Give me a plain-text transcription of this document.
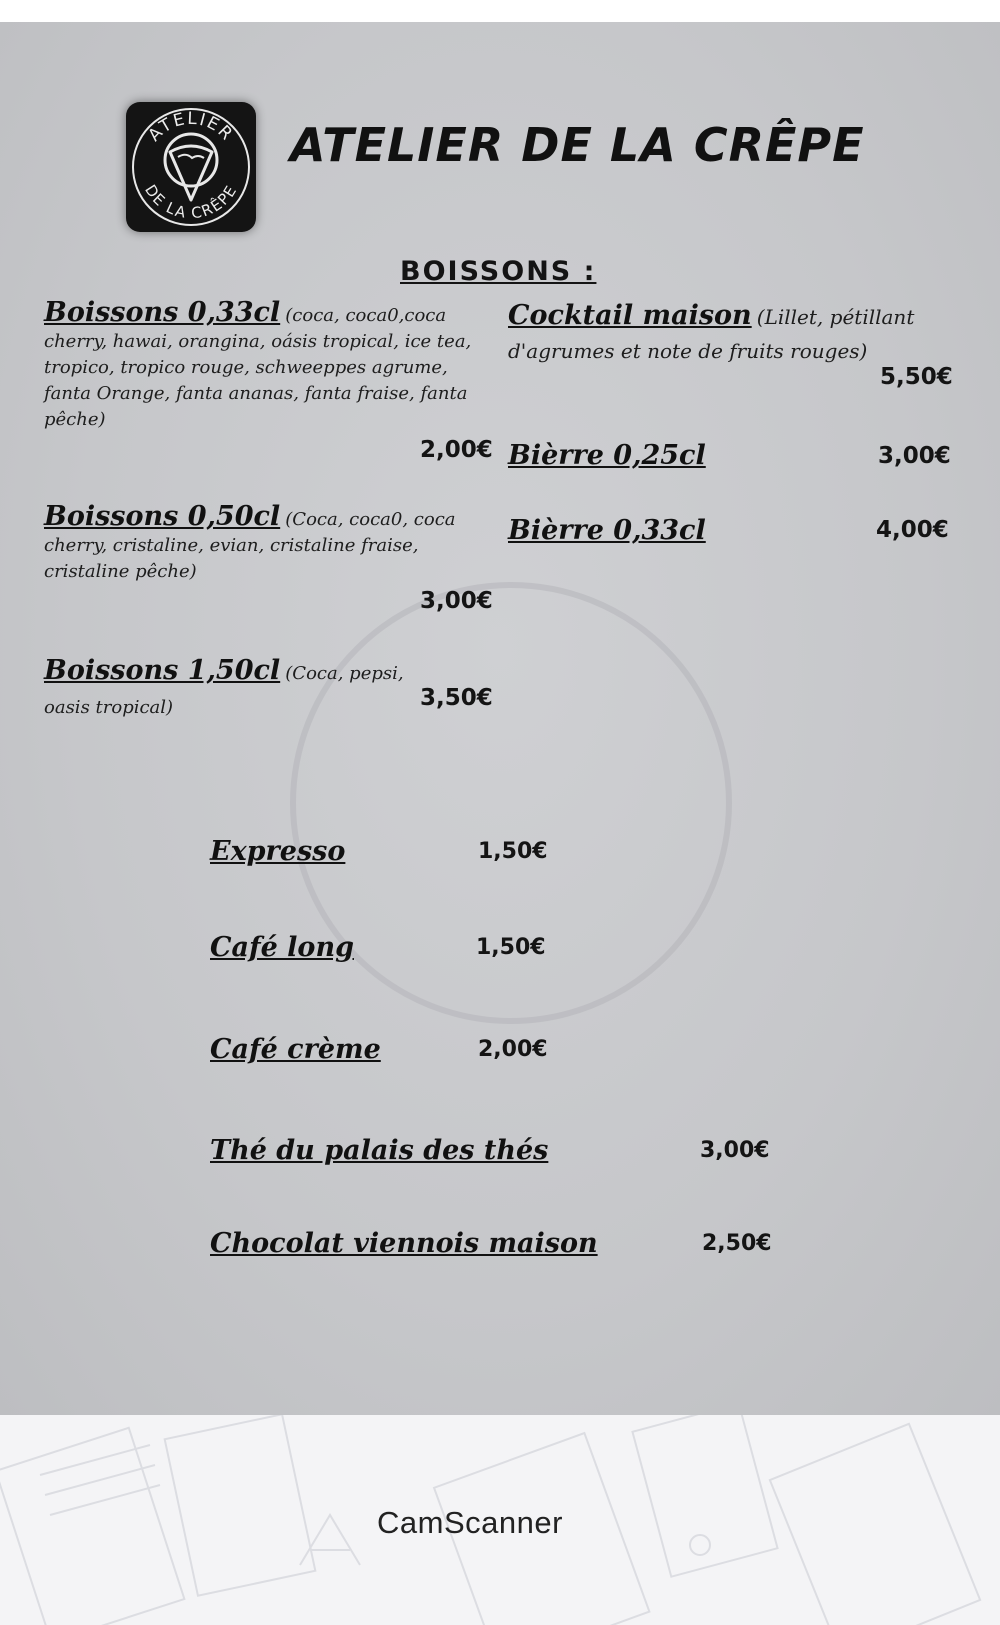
ATELIER
DE LA CRÊPE
ATELIER DE LA CRÊPE
BOISSONS :
Boissons 0,33cl (coca, coca0,coca cherry, hawai, orangina, oásis tropical, ice tea, tropico, tropico rouge, schweeppes agrume, fanta Orange, fanta ananas, fanta fraise, fanta pêche)
2,00€
Boissons 0,50cl (Coca, coca0, coca cherry, cristaline, evian, cristaline fraise, cristaline pêche)
3,00€
Boissons 1,50cl (Coca, pepsi, oasis tropical)	3,50€
Cocktail maison (Lillet, pétillant d'agrumes et note de fruits rouges)
5,50€
Bièrre 0,25cl	3,00€
Bièrre 0,33cl	4,00€
Expresso	1,50€
Café long	1,50€
Café crème	2,00€
Thé du palais des thés	3,00€
Chocolat viennois maison	2,50€
CamScanner
